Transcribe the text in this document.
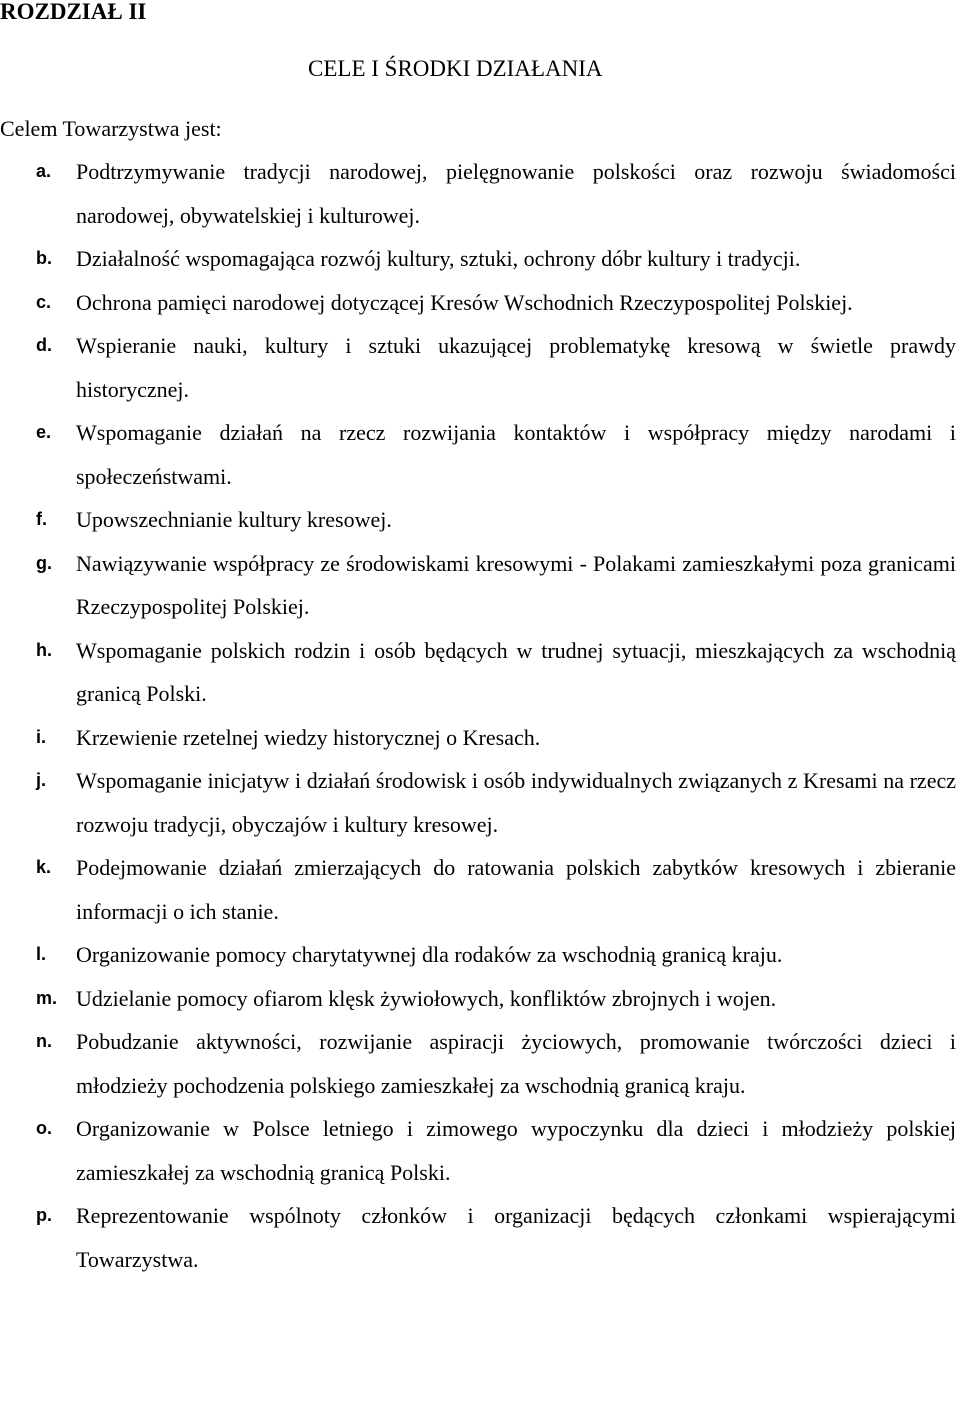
ROZDZIAŁ II
CELE I ŚRODKI DZIAŁANIA

Celem Towarzystwa jest:

a. Podtrzymywanie tradycji narodowej, pielęgnowanie polskości oraz rozwoju świadomości narodowej, obywatelskiej i kulturowej.
b. Działalność wspomagająca rozwój kultury, sztuki, ochrony dóbr kultury i tradycji.
c. Ochrona pamięci narodowej dotyczącej Kresów Wschodnich Rzeczypospolitej Polskiej.
d. Wspieranie nauki, kultury i sztuki ukazującej problematykę kresową w świetle prawdy historycznej.
e. Wspomaganie działań na rzecz rozwijania kontaktów i współpracy między narodami i społeczeństwami.
f. Upowszechnianie kultury kresowej.
g. Nawiązywanie współpracy ze środowiskami kresowymi - Polakami zamieszkałymi poza granicami Rzeczypospolitej Polskiej.
h. Wspomaganie polskich rodzin i osób będących w trudnej sytuacji, mieszkających za wschodnią granicą Polski.
i. Krzewienie rzetelnej wiedzy historycznej o Kresach.
j. Wspomaganie inicjatyw i działań środowisk i osób indywidualnych związanych z Kresami na rzecz rozwoju tradycji, obyczajów i kultury kresowej.
k. Podejmowanie działań zmierzających do ratowania polskich zabytków kresowych i zbieranie informacji o ich stanie.
l. Organizowanie pomocy charytatywnej dla rodaków za wschodnią granicą kraju.
m. Udzielanie pomocy ofiarom klęsk żywiołowych, konfliktów zbrojnych i wojen.
n. Pobudzanie aktywności, rozwijanie aspiracji życiowych, promowanie twórczości dzieci i młodzieży pochodzenia polskiego zamieszkałej za wschodnią granicą kraju.
o. Organizowanie w Polsce letniego i zimowego wypoczynku dla dzieci i młodzieży polskiej zamieszkałej za wschodnią granicą Polski.
p. Reprezentowanie wspólnoty członków i organizacji będących członkami wspierającymi Towarzystwa.
